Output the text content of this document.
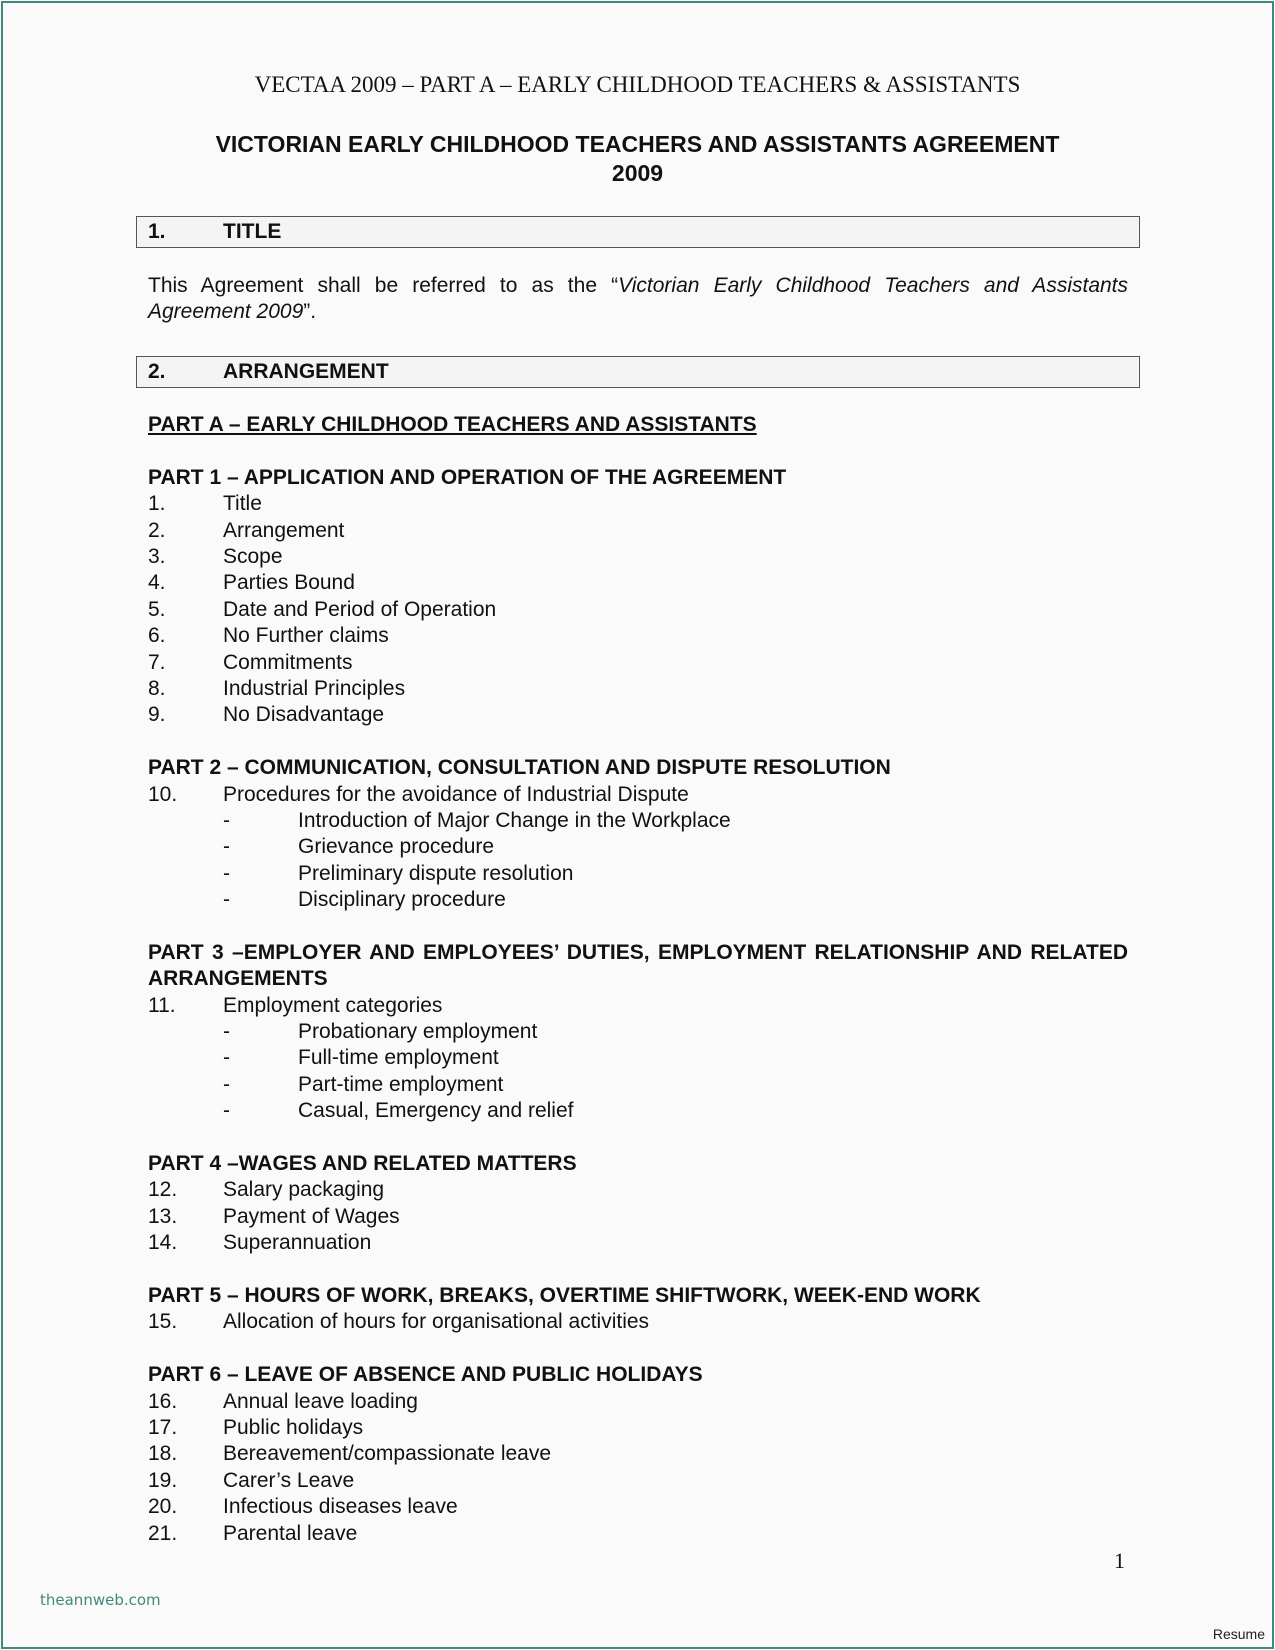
VECTAA 2009 – PART A – EARLY CHILDHOOD TEACHERS & ASSISTANTS
VICTORIAN EARLY CHILDHOOD TEACHERS AND ASSISTANTS AGREEMENT
2009
1.	TITLE
This Agreement shall be referred to as the “Victorian Early Childhood Teachers and Assistants Agreement 2009”.
2.	ARRANGEMENT
PART A – EARLY CHILDHOOD TEACHERS AND ASSISTANTS
PART 1 – APPLICATION AND OPERATION OF THE AGREEMENT
1.	Title
2.	Arrangement
3.	Scope
4.	Parties Bound
5.	Date and Period of Operation
6.	No Further claims
7.	Commitments
8.	Industrial Principles
9.	No Disadvantage
PART 2 – COMMUNICATION, CONSULTATION AND DISPUTE RESOLUTION
10. Procedures for the avoidance of Industrial Dispute
-	Introduction of Major Change in the Workplace
-	Grievance procedure
-	Preliminary dispute resolution
-	Disciplinary procedure
PART 3 –EMPLOYER AND EMPLOYEES’ DUTIES, EMPLOYMENT RELATIONSHIP AND RELATED ARRANGEMENTS
11. Employment categories
-	Probationary employment
-	Full-time employment
-	Part-time employment
-	Casual, Emergency and relief
PART 4 –WAGES AND RELATED MATTERS
12. Salary packaging
13. Payment of Wages
14. Superannuation
PART 5 – HOURS OF WORK, BREAKS, OVERTIME SHIFTWORK, WEEK-END WORK
15. Allocation of hours for organisational activities
PART 6 – LEAVE OF ABSENCE AND PUBLIC HOLIDAYS
16. Annual leave loading
17. Public holidays
18. Bereavement/compassionate leave
19. Carer’s Leave
20. Infectious diseases leave
21. Parental leave
1
theannweb.com
Resume
